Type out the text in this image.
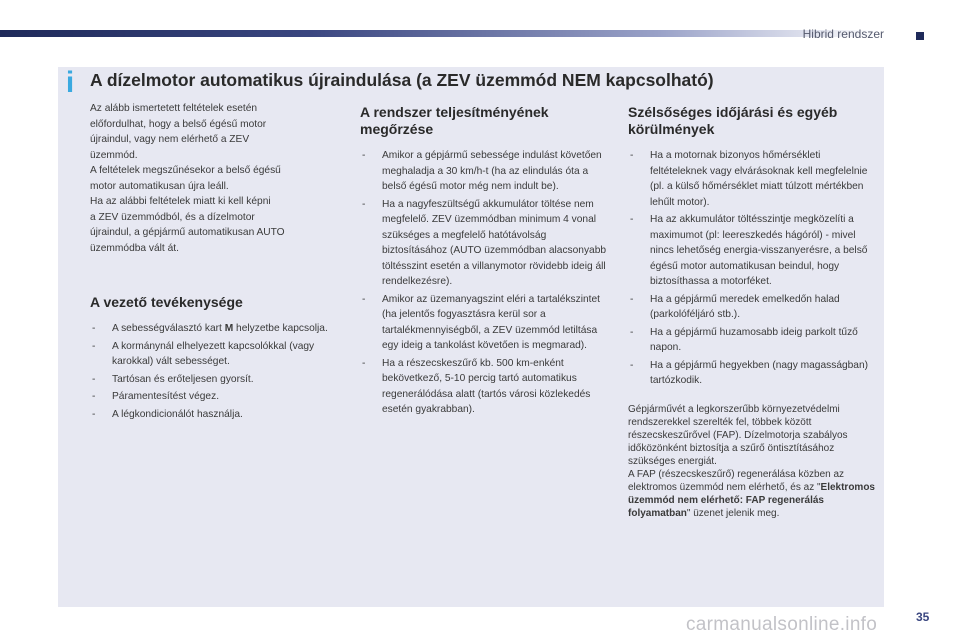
Hibrid rendszer
i A dízelmotor automatikus újraindulása (a ZEV üzemmód NEM kapcsolható)
Az alább ismertetett feltételek esetén
előfordulhat, hogy a belső égésű motor
újraindul, vagy nem elérhető a ZEV
üzemmód.
A feltételek megszűnésekor a belső égésű
motor automatikusan újra leáll.
Ha az alábbi feltételek miatt ki kell képni
a ZEV üzemmódból, és a dízelmotor
újraindul, a gépjármű automatikusan AUTO
üzemmódba vált át.
A vezető tevékenysége
- A sebességválasztó kart M helyzetbe kapcsolja.
- A kormánynál elhelyezett kapcsolókkal (vagy karokkal) vált sebességet.
- Tartósan és erőteljesen gyorsít.
- Páramentesítést végez.
- A légkondicionálót használja.
A rendszer teljesítményének megőrzése
- Amikor a gépjármű sebessége indulást követően meghaladja a 30 km/h-t (ha az elindulás óta a belső égésű motor még nem indult be).
- Ha a nagyfeszültségű akkumulátor töltése nem megfelelő. ZEV üzemmódban minimum 4 vonal szükséges a megfelelő hatótávolság biztosításához (AUTO üzemmódban alacsonyabb töltésszint esetén a villanymotor rövidebb ideig áll rendelkezésre).
- Amikor az üzemanyagszint eléri a tartalékszintet (ha jelentős fogyasztásra kerül sor a tartalékmennyiségből, a ZEV üzemmód letiltása egy ideig a tankolást követően is megmarad).
- Ha a részecskeszűrő kb. 500 km-enként bekövetkező, 5-10 percig tartó automatikus regenerálódása alatt (tartós városi közlekedés esetén gyakrabban).
Szélsőséges időjárási és egyéb körülmények
- Ha a motornak bizonyos hőmérsékleti feltételeknek vagy elvárásoknak kell megfelelnie (pl. a külső hőmérséklet miatt túlzott mértékben lehűlt motor).
- Ha az akkumulátor töltésszintje megközelíti a maximumot (pl: leereszkedés hágóról) - mivel nincs lehetőség energia-visszanyerésre, a belső égésű motor automatikusan beindul, hogy biztosíthassa a motorféket.
- Ha a gépjármű meredek emelkedőn halad (parkolóféljáró stb.).
- Ha a gépjármű huzamosabb ideig parkolt tűző napon.
- Ha a gépjármű hegyekben (nagy magasságban) tartózkodik.

Gépjárművét a legkorszerűbb környezetvédelmi rendszerekkel szerelték fel, többek között részecskeszűrővel (FAP). Dízelmotorja szabályos időközönként biztosítja a szűrő öntisztításához szükséges energiát.

A FAP (részecskeszűrő) regenerálása közben az elektromos üzemmód nem elérhető, és az "Elektromos üzemmód nem elérhető: FAP regenerálás folyamatban" üzenet jelenik meg.

carmanualsonline.info	35
